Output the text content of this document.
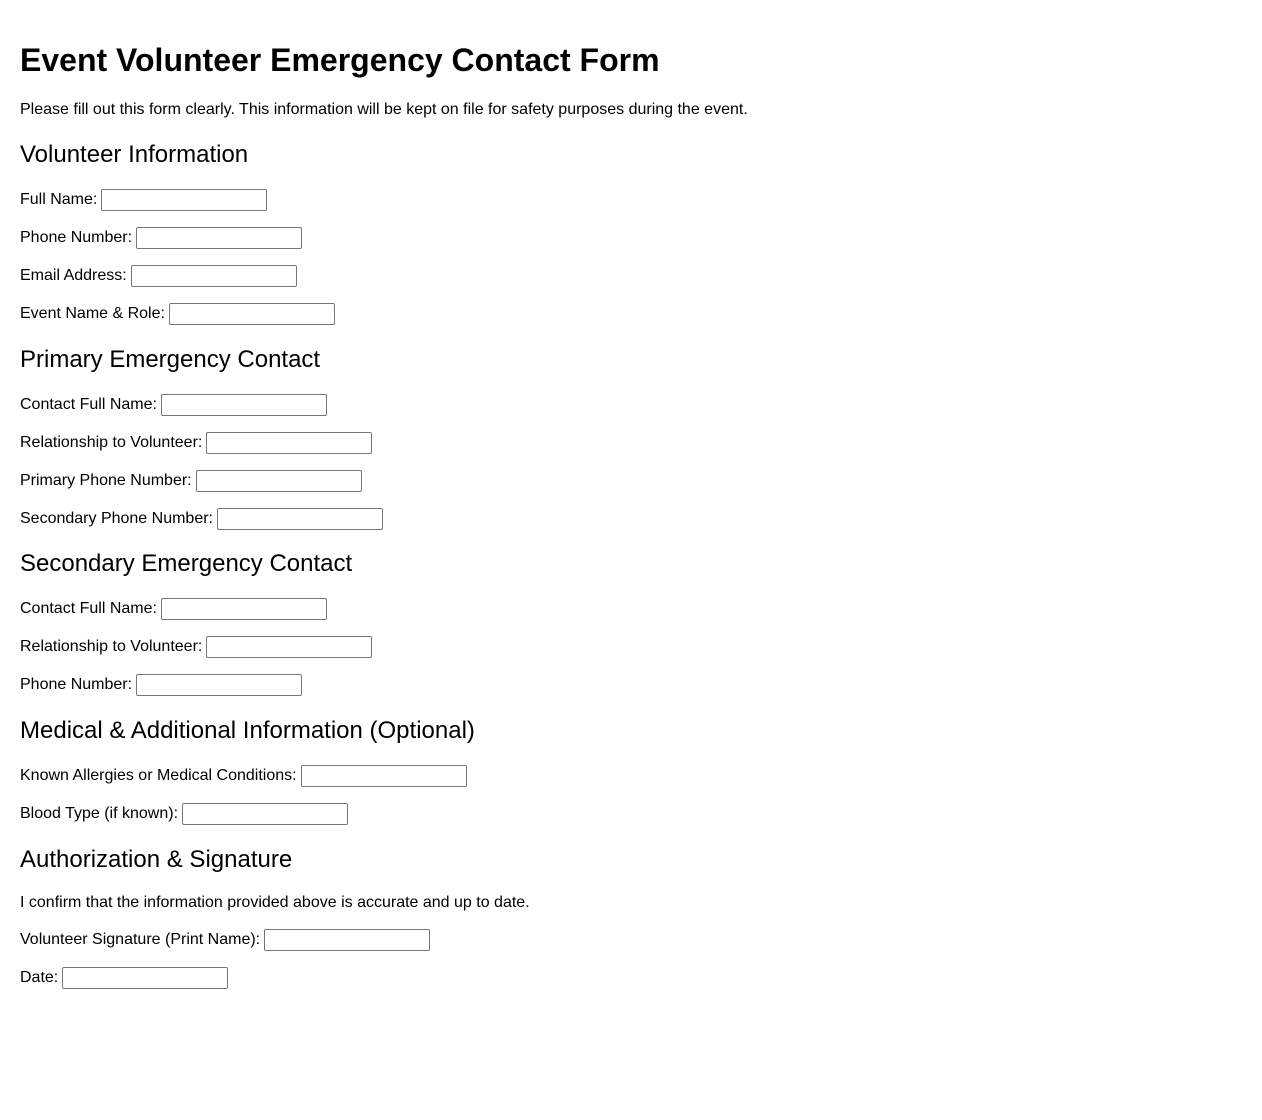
Event Volunteer Emergency Contact Form

Please fill out this form clearly. This information will be kept on file for safety purposes during the event.

Volunteer Information
Full Name:
Phone Number:
Email Address:
Event Name & Role:
Primary Emergency Contact
Contact Full Name:
Relationship to Volunteer:
Primary Phone Number:
Secondary Phone Number:
Secondary Emergency Contact
Contact Full Name:
Relationship to Volunteer:
Phone Number:
Medical & Additional Information (Optional)
Known Allergies or Medical Conditions:
Blood Type (if known):
Authorization & Signature

I confirm that the information provided above is accurate and up to date.

Volunteer Signature (Print Name):
Date:
